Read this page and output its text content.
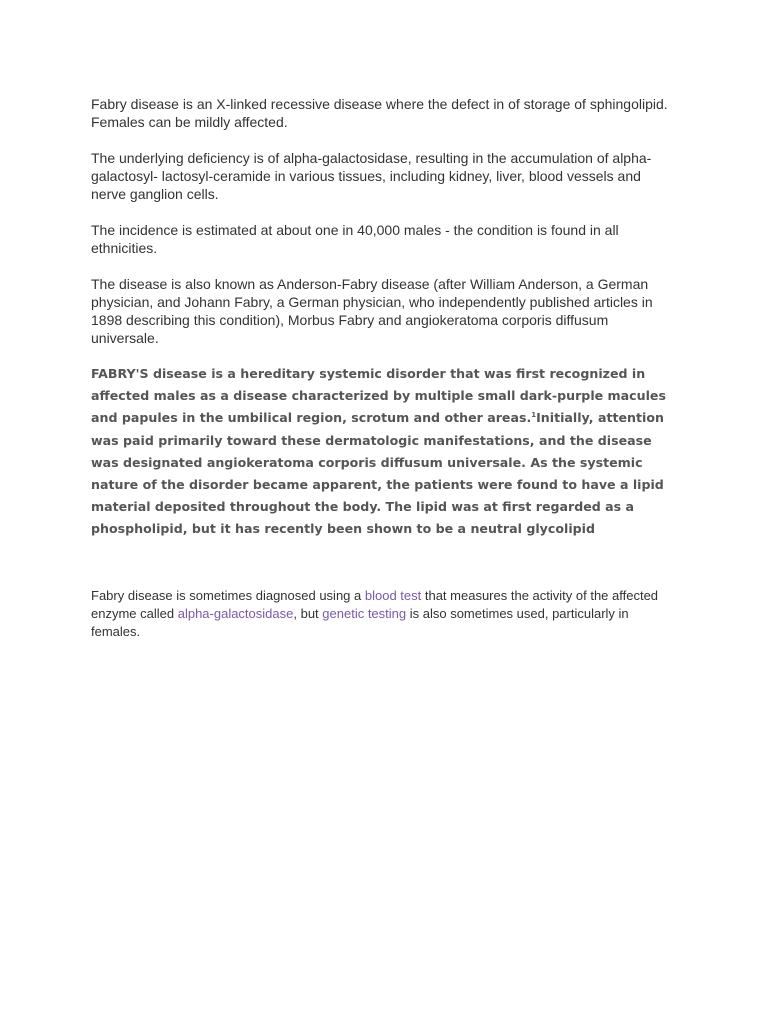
Fabry disease is an X-linked recessive disease where the defect in of storage of sphingolipid. Females can be mildly affected.

The underlying deficiency is of alpha-galactosidase, resulting in the accumulation of alpha-galactosyl- lactosyl-ceramide in various tissues, including kidney, liver, blood vessels and nerve ganglion cells.

The incidence is estimated at about one in 40,000 males - the condition is found in all ethnicities.

The disease is also known as Anderson-Fabry disease (after William Anderson, a German physician, and Johann Fabry, a German physician, who independently published articles in 1898 describing this condition), Morbus Fabry and angiokeratoma corporis diffusum universale.

FABRY'S disease is a hereditary systemic disorder that was first recognized in affected males as a disease characterized by multiple small dark-purple macules and papules in the umbilical region, scrotum and other areas.$^1$Initially, attention was paid primarily toward these dermatologic manifestations, and the disease was designated angiokeratoma corporis diffusum universale. As the systemic nature of the disorder became apparent, the patients were found to have a lipid material deposited throughout the body. The lipid was at first regarded as a phospholipid, but it has recently been shown to be a neutral glycolipid

Fabry disease is sometimes diagnosed using a blood test that measures the activity of the affected enzyme called alpha-galactosidase, but genetic testing is also sometimes used, particularly in females.
